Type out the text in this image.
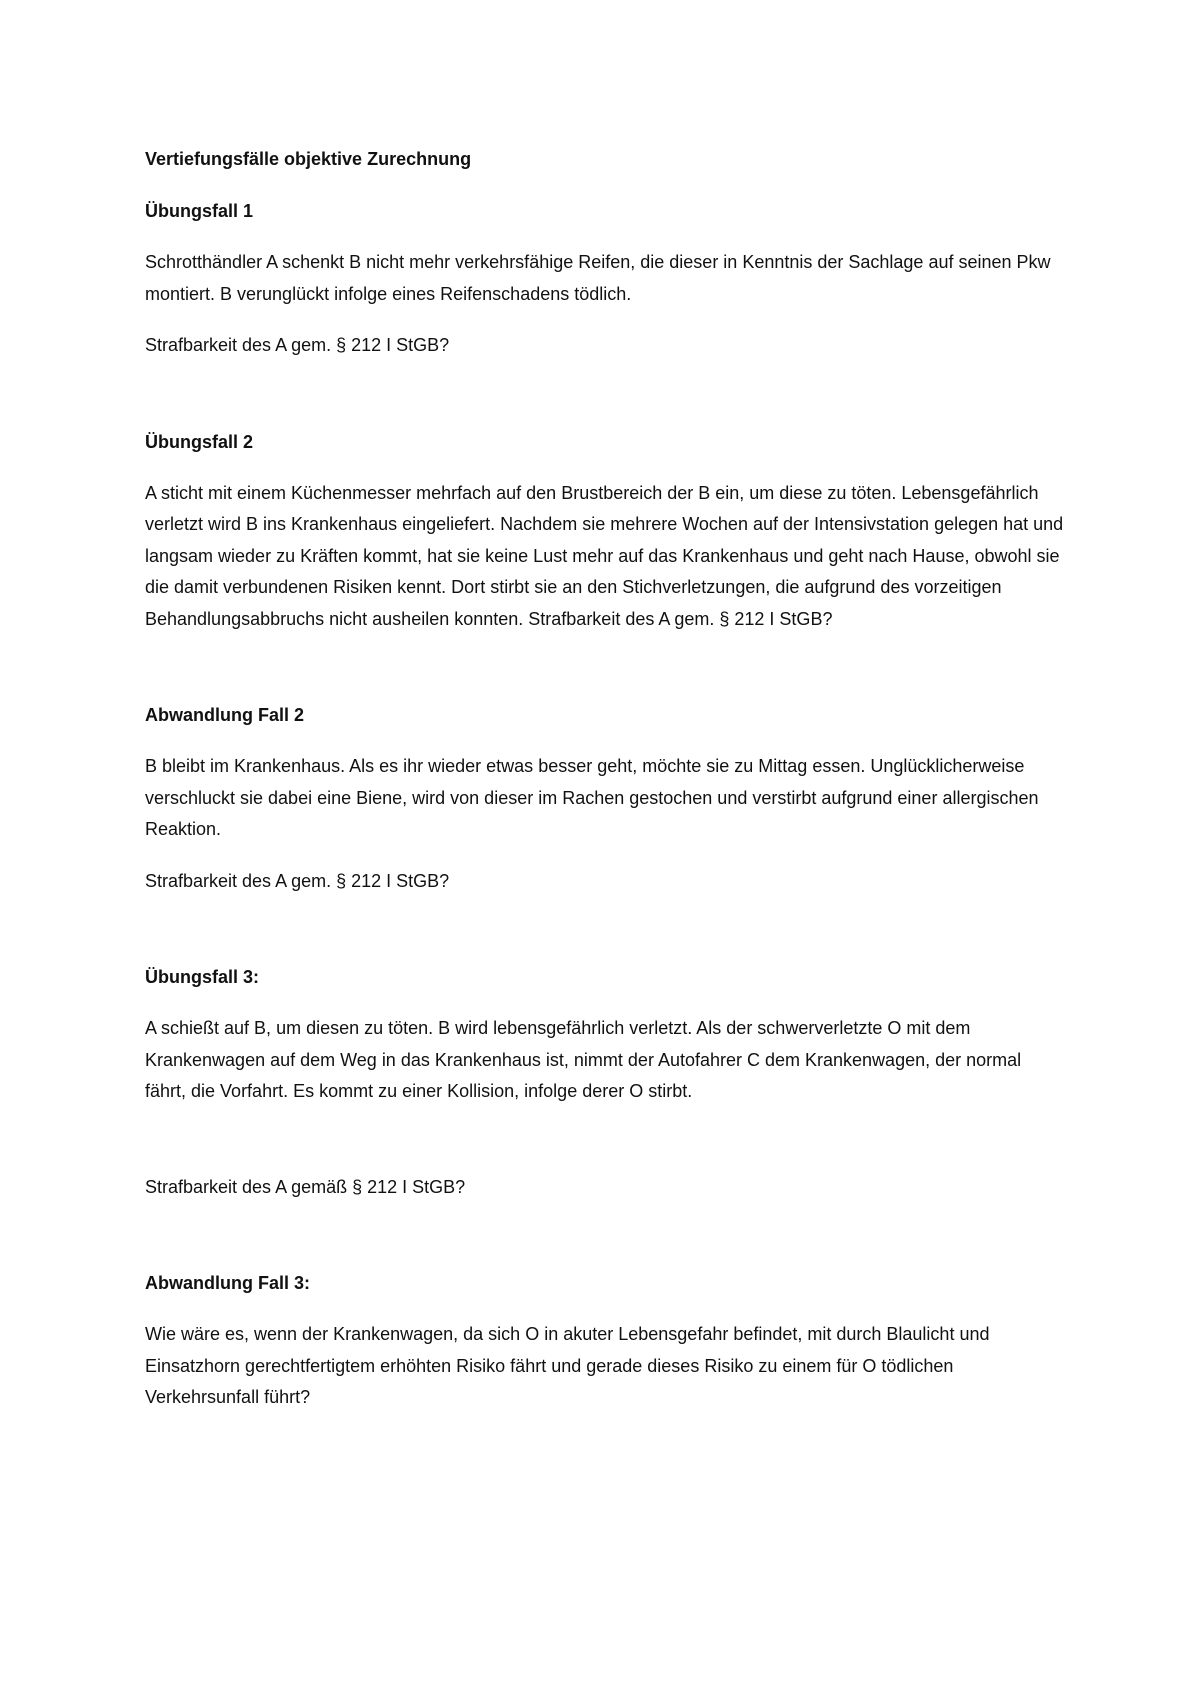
Vertiefungsfälle objektive Zurechnung

Übungsfall 1

Schrotthändler A schenkt B nicht mehr verkehrsfähige Reifen, die dieser in Kenntnis der Sachlage auf seinen Pkw montiert. B verunglückt infolge eines Reifenschadens tödlich.

Strafbarkeit des A gem. § 212 I StGB?

Übungsfall 2

A sticht mit einem Küchenmesser mehrfach auf den Brustbereich der B ein, um diese zu töten. Lebensgefährlich verletzt wird B ins Krankenhaus eingeliefert. Nachdem sie mehrere Wochen auf der Intensivstation gelegen hat und langsam wieder zu Kräften kommt, hat sie keine Lust mehr auf das Krankenhaus und geht nach Hause, obwohl sie die damit verbundenen Risiken kennt. Dort stirbt sie an den Stichverletzungen, die aufgrund des vorzeitigen Behandlungsabbruchs nicht ausheilen konnten. Strafbarkeit des A gem. § 212 I StGB?

Abwandlung Fall 2

B bleibt im Krankenhaus. Als es ihr wieder etwas besser geht, möchte sie zu Mittag essen. Unglücklicherweise verschluckt sie dabei eine Biene, wird von dieser im Rachen gestochen und verstirbt aufgrund einer allergischen Reaktion.

Strafbarkeit des A gem. § 212 I StGB?

Übungsfall 3:

A schießt auf B, um diesen zu töten. B wird lebensgefährlich verletzt. Als der schwerverletzte O mit dem Krankenwagen auf dem Weg in das Krankenhaus ist, nimmt der Autofahrer C dem Krankenwagen, der normal fährt, die Vorfahrt. Es kommt zu einer Kollision, infolge derer O stirbt.

Strafbarkeit des A gemäß § 212 I StGB?

Abwandlung Fall 3:

Wie wäre es, wenn der Krankenwagen, da sich O in akuter Lebensgefahr befindet, mit durch Blaulicht und Einsatzhorn gerechtfertigtem erhöhten Risiko fährt und gerade dieses Risiko zu einem für O tödlichen Verkehrsunfall führt?
